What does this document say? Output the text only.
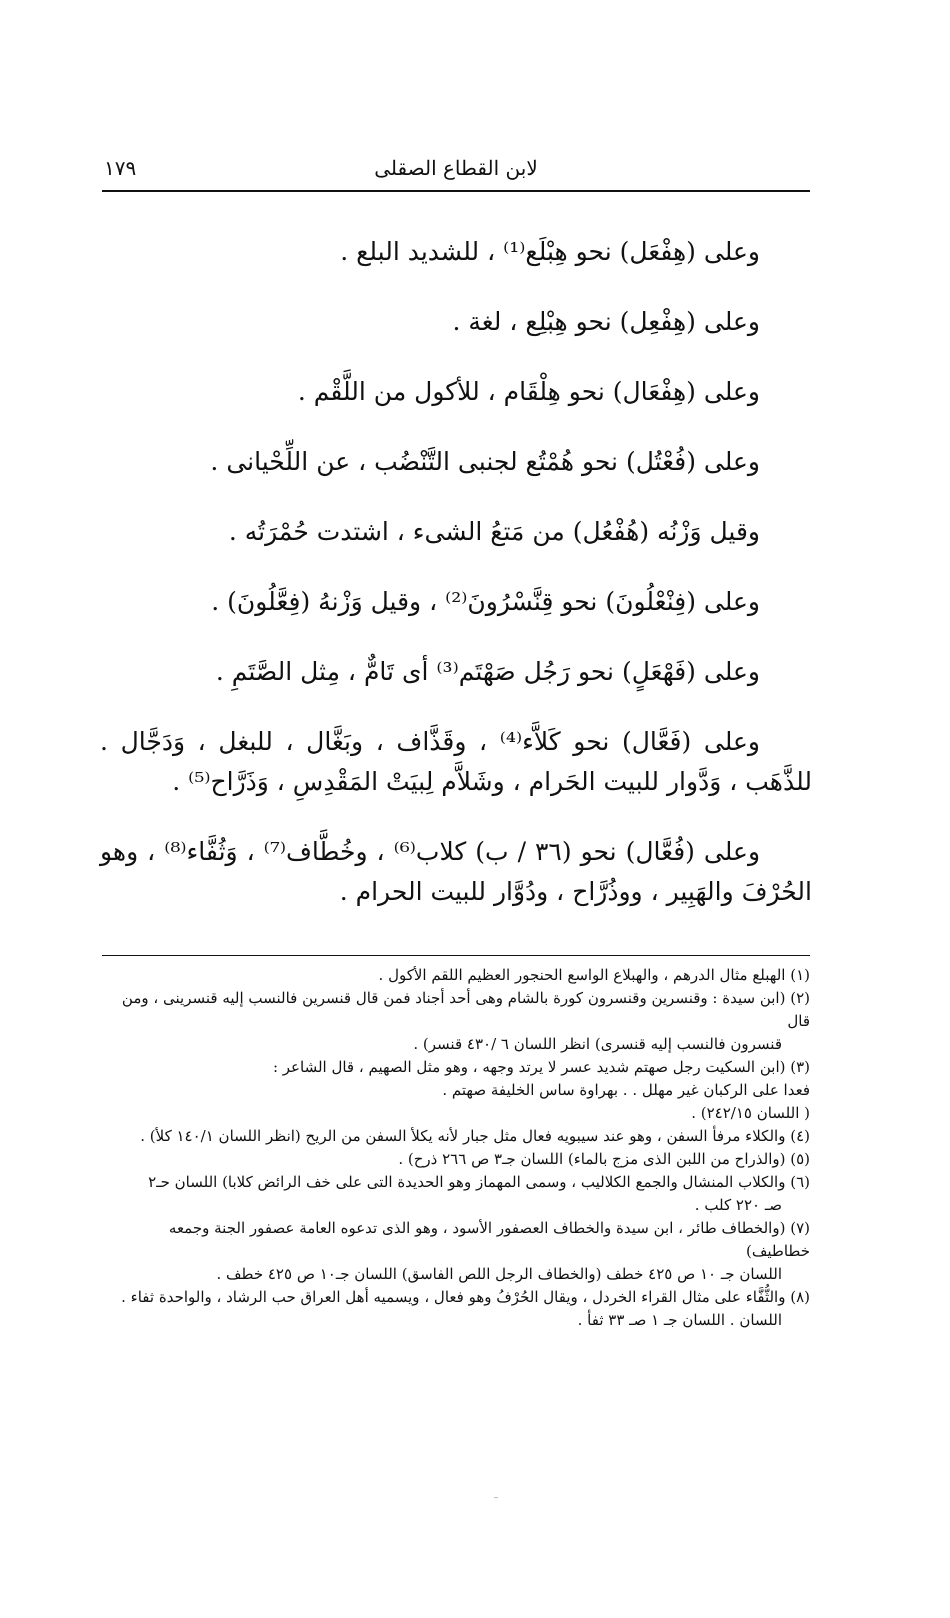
لابن القطاع الصقلى
١٧٩

وعلى (هِفْعَل) نحو هِبْلَع⁽¹⁾ ، للشديد البلع .

وعلى (هِفْعِل) نحو هِبْلِع ، لغة .

وعلى (هِفْعَال) نحو هِلْقَام ، للأكول من اللَّقْم .

وعلى (فُعْتُل) نحو هُمْتُع لجنبى التَّنْضُب ، عن اللِّحْيانى .

وقيل وَزْنُه (هُفْعُل) من مَتعُ الشىء ، اشتدت حُمْرَتُه .

وعلى (فِنْعْلُونَ) نحو قِنَّسْرُونَ⁽²⁾ ، وقيل وَزْنهُ (فِعَّلُونَ) .

وعلى (فَهْعَلٍ) نحو رَجُل صَهْتَم⁽³⁾ أى تَامٌّ ، مِثل الصَّتَمِ .

وعلى (فَعَّال) نحو كَلاَّء⁽⁴⁾ ، وقَذَّاف ، وبَغَّال ، للبغل ، وَدَجَّال . للذَّهَب ، وَدَّوار للبيت الحَرام ، وشَلاَّم لِبيَتْ المَقْدِسِ ، وَذَرَّاح⁽⁵⁾ .

وعلى (فُعَّال) نحو (٣٦ / ب) كلاب⁽⁶⁾ ، وخُطَّاف⁽⁷⁾ ، وَثُفَّاء⁽⁸⁾ ، وهو الحُرْفَ والهَبِير ، ووذُرَّاح ، ودُوَّار للبيت الحرام .

(١) الهبلع مثال الدرهم ، والهبلاع الواسع الحنجور العظيم اللقم الأكول .

(٢) (ابن سيدة : وقنسرين وقنسرون كورة بالشام وهى أحد أجناد فمن قال قنسرين فالنسب إليه قنسرينى ، ومن قال

قنسرون فالنسب إليه قنسرى) انظر اللسان ٦ /٤٣٠ قنسر) .

(٣) (ابن السكيت رجل صهتم شديد عسر لا يرتد وجهه ، وهو مثل الصهيم ، قال الشاعر :

فعدا على الركبان غير مهلل . . بهراوة ساس الخليفة صهتم .

( اللسان ٢٤٢/١٥) .

(٤) والكلاء مرفأ السفن ، وهو عند سيبويه فعال مثل جبار لأنه يكلأ السفن من الريح (انظر اللسان ١٤٠/١ كلأ) .

(٥) (والذراح من اللبن الذى مزج بالماء) اللسان جـ٣ ص ٢٦٦ ذرح) .

(٦) والكلاب المنشال والجمع الكلاليب ، وسمى المهماز وهو الحديدة التى على خف الرائض كلابا) اللسان حـ٢

صـ ٢٢٠ كلب .

(٧) (والخطاف طائر ، ابن سيدة والخطاف العصفور الأسود ، وهو الذى تدعوه العامة عصفور الجنة وجمعه خطاطيف)

اللسان جـ ١٠ ص ٤٢٥ خطف (والخطاف الرجل اللص الفاسق) اللسان جـ١٠ ص ٤٢٥ خطف .

(٨) والثُّفَّاء على مثال القراء الخردل ، ويقال الحُرْفُ وهو فعال ، ويسميه أهل العراق حب الرشاد ، والواحدة ثفاء .

اللسان . اللسان جـ ١ صـ ٣٣ ثفأ .
